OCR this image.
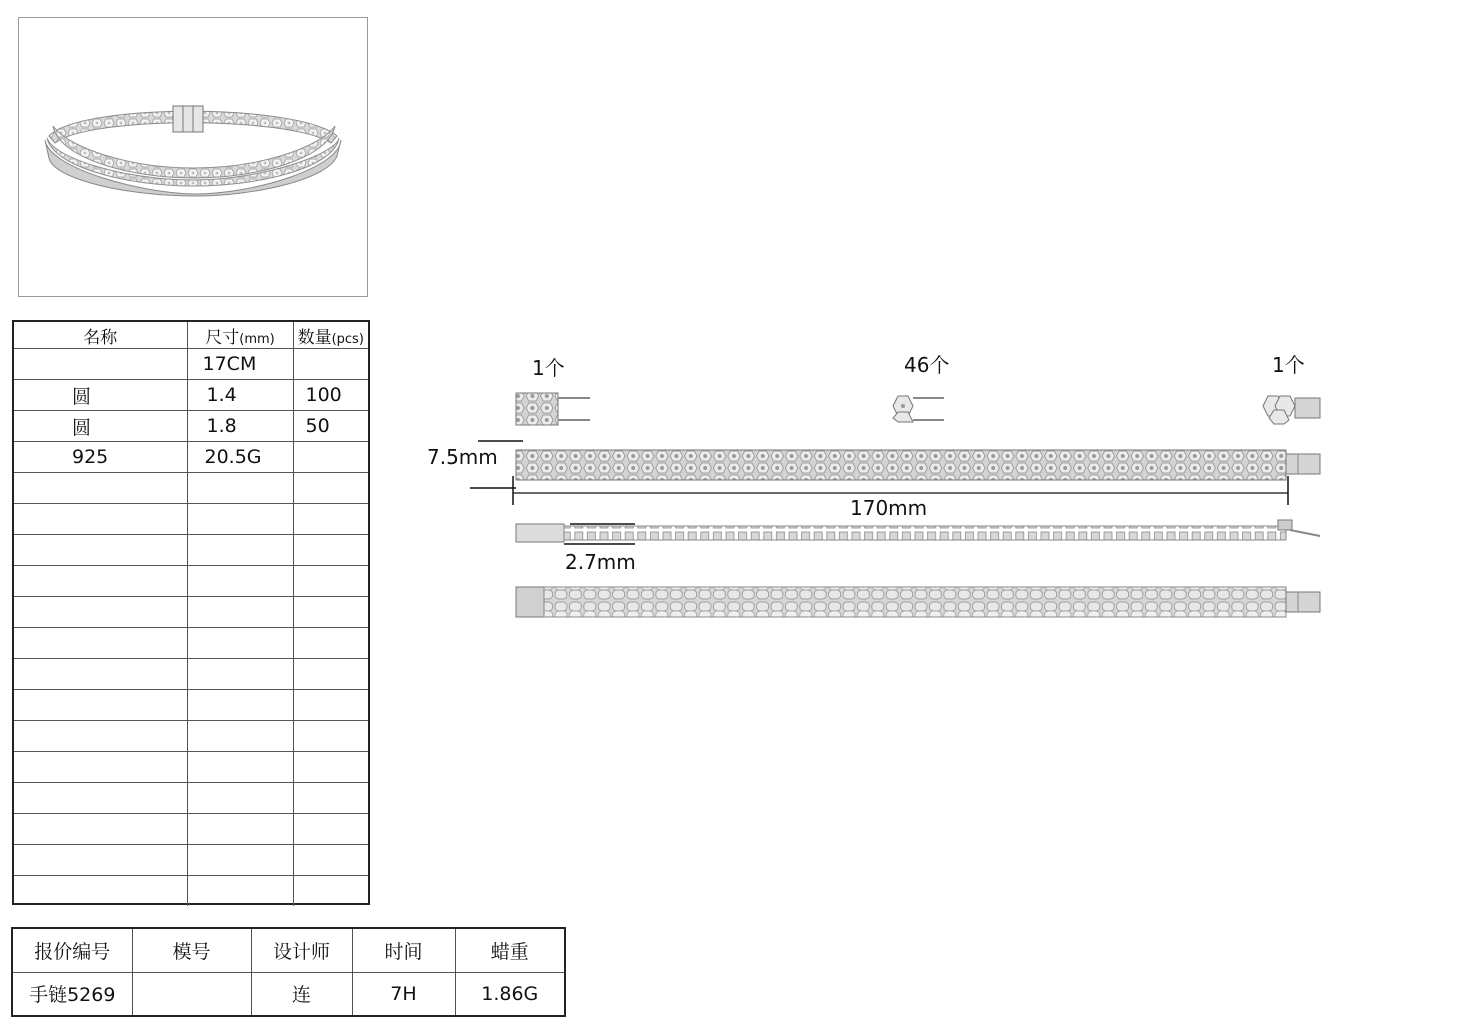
名称	尺寸(mm)	数量(pcs)
	17CM	
圆	1.4	100
圆	1.8	50
925	20.5G	

1个	46个	1个
7.5mm
170mm
2.7mm
报价编号	模号	设计师	时间	蜡重
手链5269		连	7H	1.86G
